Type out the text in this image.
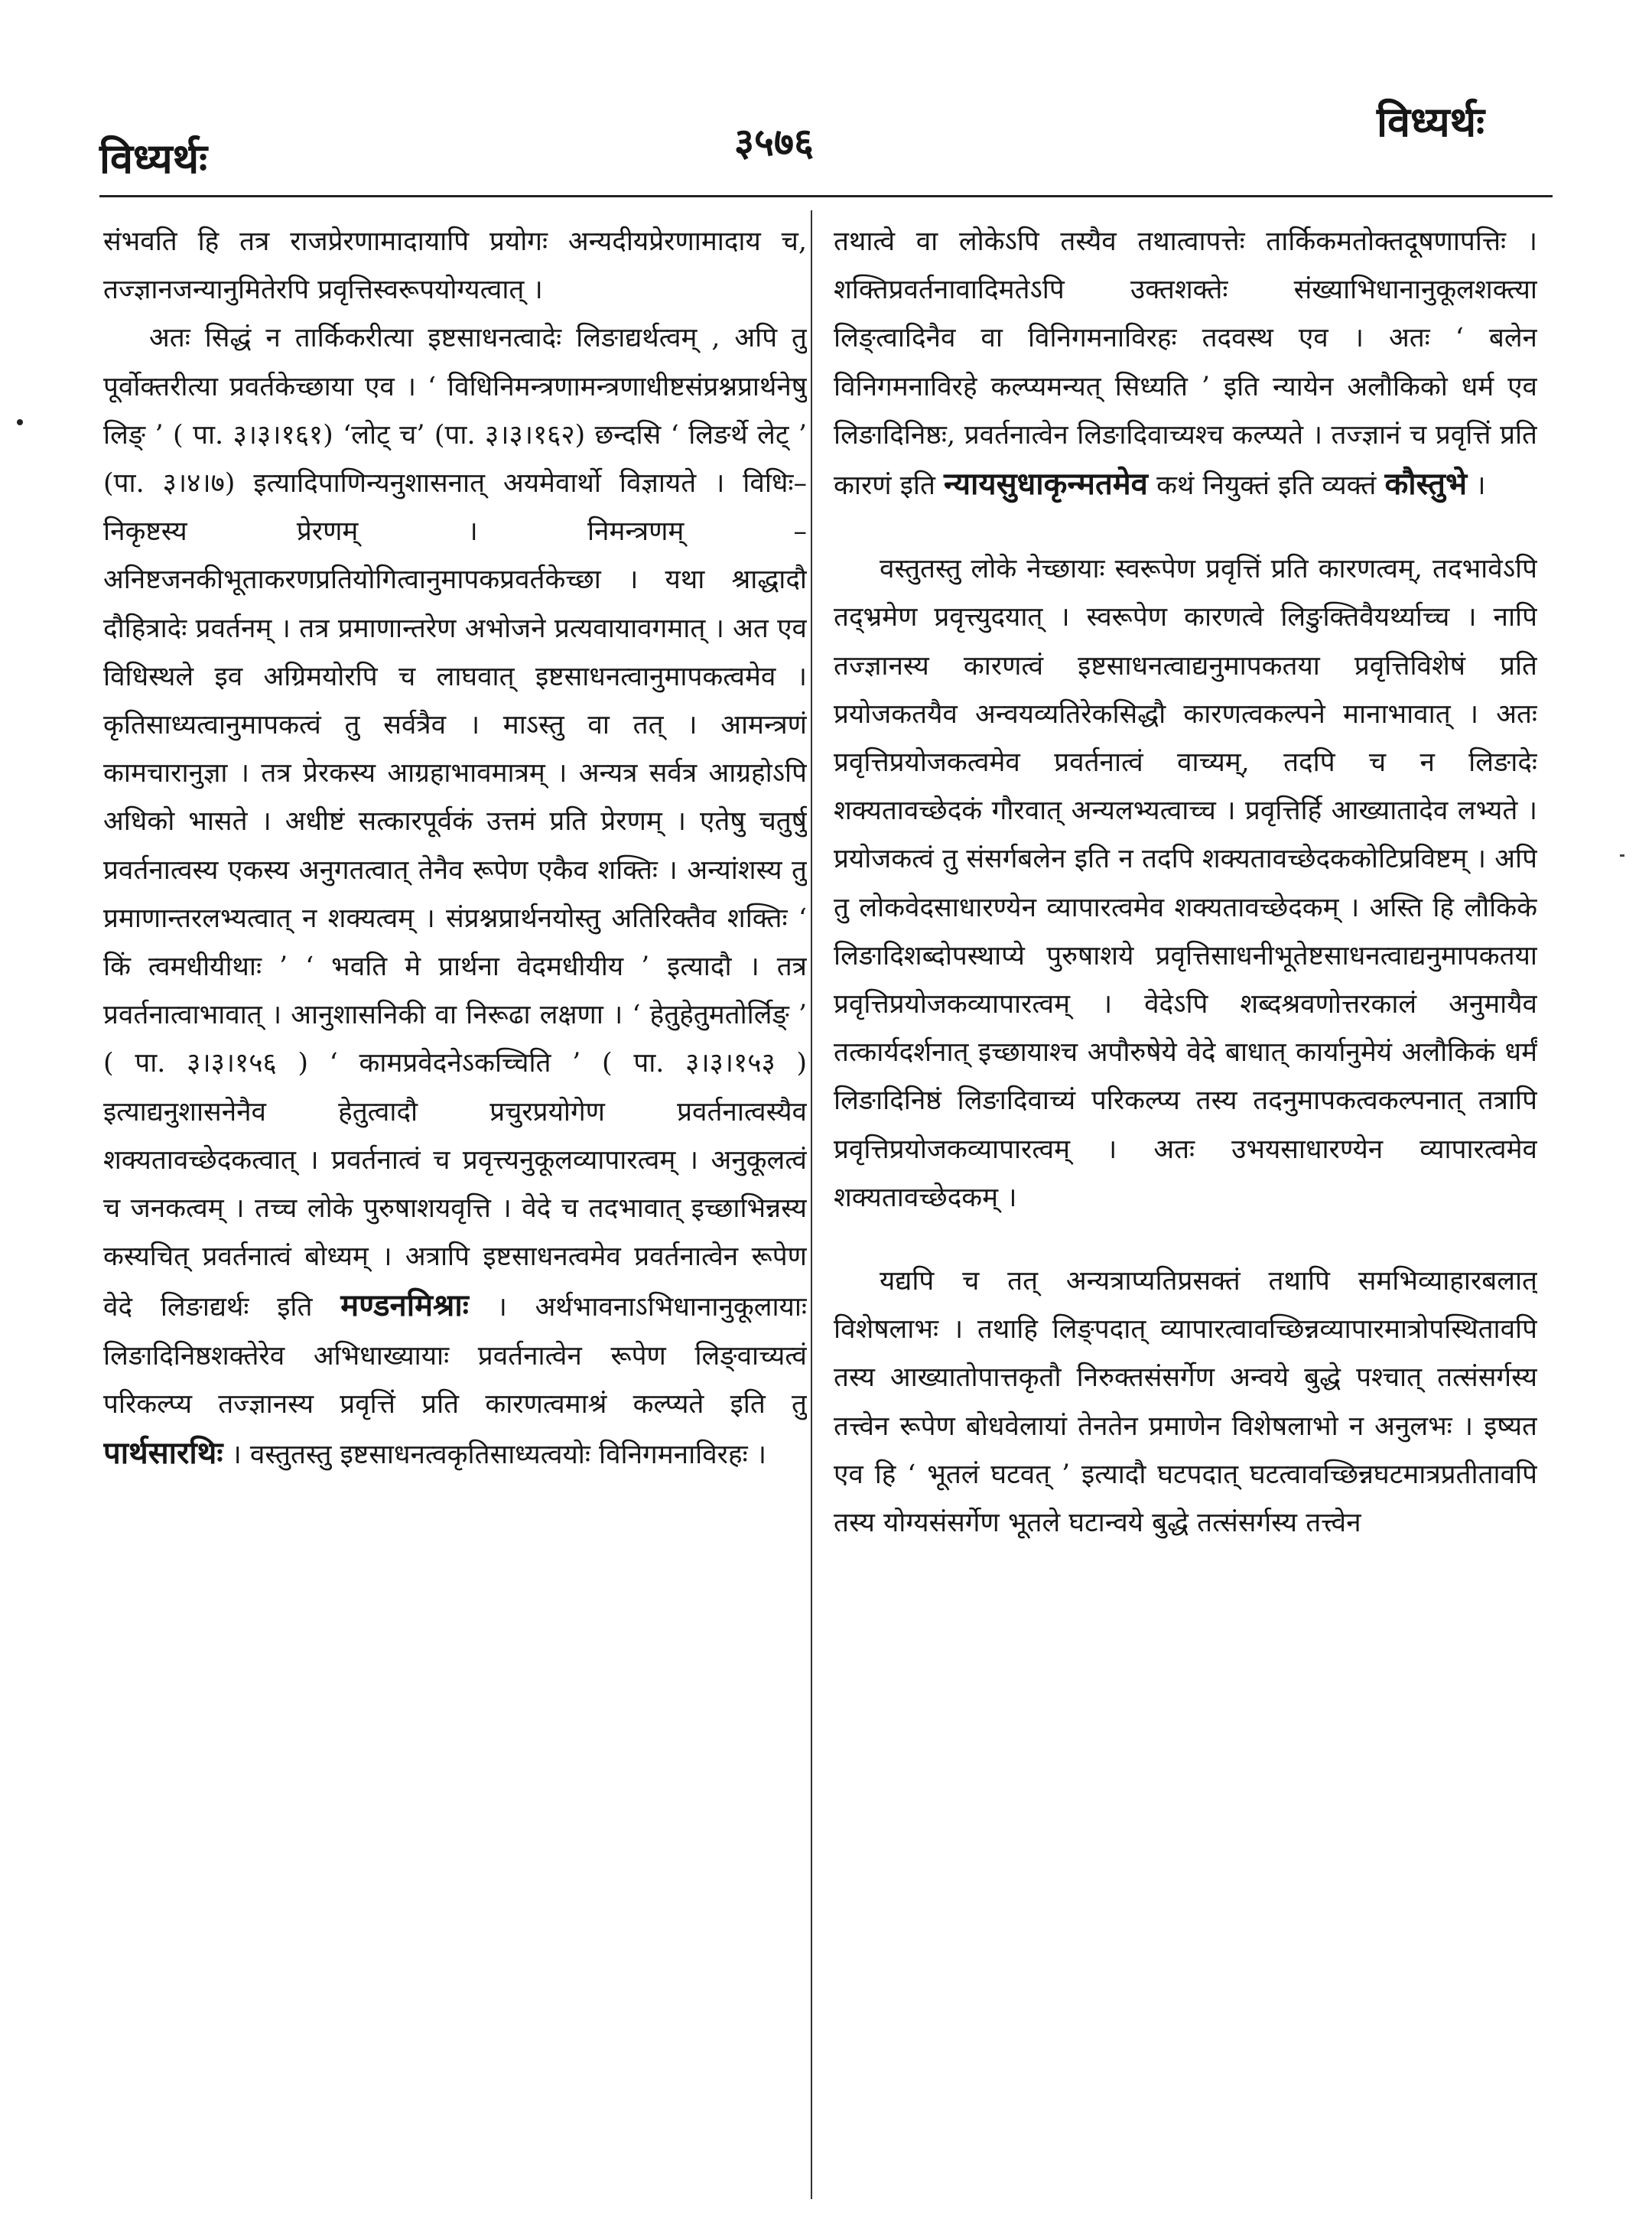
विध्यर्थः	३५७६	विध्यर्थः

संभवति हि तत्र राजप्रेरणामादायापि प्रयोगः अन्यदीयप्रेरणामादाय च, तज्ज्ञानजन्यानुमितेरपि प्रवृत्तिस्वरूपयोग्यत्वात् ।

अतः सिद्धं न तार्किकरीत्या इष्टसाधनत्वादेः लिङाद्यर्थत्वम् , अपि तु पूर्वोक्तरीत्या प्रवर्तकेच्छाया एव । ‘ विधिनिमन्त्रणामन्त्रणाधीष्टसंप्रश्नप्रार्थनेषु लिङ् ’ ( पा. ३।३।१६१) ‘लोट् च’ (पा. ३।३।१६२) छन्दसि ‘ लिङर्थे लेट् ’ (पा. ३।४।७) इत्यादिपाणिन्यनुशासनात् अयमेवार्थो विज्ञायते । विधिः– निकृष्टस्य प्रेरणम् । निमन्त्रणम् – अनिष्टजनकीभूताकरणप्रतियोगित्वानुमापकप्रवर्तकेच्छा । यथा श्राद्धादौ दौहित्रादेः प्रवर्तनम् । तत्र प्रमाणान्तरेण अभोजने प्रत्यवायावगमात् । अत एव विधिस्थले इव अग्रिमयोरपि च लाघवात् इष्टसाधनत्वानुमापकत्वमेव । कृतिसाध्यत्वानुमापकत्वं तु सर्वत्रैव । माऽस्तु वा तत् । आमन्त्रणं कामचारानुज्ञा । तत्र प्रेरकस्य आग्रहाभावमात्रम् । अन्यत्र सर्वत्र आग्रहोऽपि अधिको भासते । अधीष्टं सत्कारपूर्वकं उत्तमं प्रति प्रेरणम् । एतेषु चतुर्षु प्रवर्तनात्वस्य एकस्य अनुगतत्वात् तेनैव रूपेण एकैव शक्तिः । अन्यांशस्य तु प्रमाणान्तरलभ्यत्वात् न शक्यत्वम् । संप्रश्नप्रार्थनयोस्तु अतिरिक्तैव शक्तिः ‘ किं त्वमधीयीथाः ’ ‘ भवति मे प्रार्थना वेदमधीयीय ’ इत्यादौ । तत्र प्रवर्तनात्वाभावात् । आनुशासनिकी वा निरूढा लक्षणा । ‘ हेतुहेतुमतोर्लिङ् ’ ( पा. ३।३।१५६ ) ‘ कामप्रवेदनेऽकच्चिति ’ ( पा. ३।३।१५३ ) इत्याद्यनुशासनेनैव हेतुत्वादौ प्रचुरप्रयोगेण प्रवर्तनात्वस्यैव शक्यतावच्छेदकत्वात् । प्रवर्तनात्वं च प्रवृत्त्यनुकूलव्यापारत्वम् । अनुकूलत्वं च जनकत्वम् । तच्च लोके पुरुषाशयवृत्ति । वेदे च तदभावात् इच्छाभिन्नस्य कस्यचित् प्रवर्तनात्वं बोध्यम् । अत्रापि इष्टसाधनत्वमेव प्रवर्तनात्वेन रूपेण वेदे लिङाद्यर्थः इति मण्डनमिश्राः । अर्थभावनाऽभिधानानुकूलायाः लिङादिनिष्ठशक्तेरेव अभिधाख्यायाः प्रवर्तनात्वेन रूपेण लिङ्वाच्यत्वं परिकल्प्य तज्ज्ञानस्य प्रवृत्तिं प्रति कारणत्वमाश्रं कल्प्यते इति तु पार्थसारथिः । वस्तुतस्तु इष्टसाधनत्वकृतिसाध्यत्वयोः विनिगमनाविरहः ।

तथात्वे वा लोकेऽपि तस्यैव तथात्वापत्तेः तार्किकमतोक्तदूषणापत्तिः । शक्तिप्रवर्तनावादिमतेऽपि उक्तशक्तेः संख्याभिधानानुकूलशक्त्या लिङ्त्वादिनैव वा विनिगमनाविरहः तदवस्थ एव । अतः ‘ बलेन विनिगमनाविरहे कल्प्यमन्यत् सिध्यति ’ इति न्यायेन अलौकिको धर्म एव लिङादिनिष्ठः, प्रवर्तनात्वेन लिङादिवाच्यश्च कल्प्यते । तज्ज्ञानं च प्रवृत्तिं प्रति कारणं इति न्यायसुधाकृन्मतमेव कथं नियुक्तं इति व्यक्तं कौस्तुभे ।

वस्तुतस्तु लोके नेच्छायाः स्वरूपेण प्रवृत्तिं प्रति कारणत्वम्, तदभावेऽपि तद्भ्रमेण प्रवृत्त्युदयात् । स्वरूपेण कारणत्वे लिङुक्तिवैयर्थ्याच्च । नापि तज्ज्ञानस्य कारणत्वं इष्टसाधनत्वाद्यनुमापकतया प्रवृत्तिविशेषं प्रति प्रयोजकतयैव अन्वयव्यतिरेकसिद्धौ कारणत्वकल्पने मानाभावात् । अतः प्रवृत्तिप्रयोजकत्वमेव प्रवर्तनात्वं वाच्यम्, तदपि च न लिङादेः शक्यतावच्छेदकं गौरवात् अन्यलभ्यत्वाच्च । प्रवृत्तिर्हि आख्यातादेव लभ्यते । प्रयोजकत्वं तु संसर्गबलेन इति न तदपि शक्यतावच्छेदककोटिप्रविष्टम् । अपि तु लोकवेदसाधारण्येन व्यापारत्वमेव शक्यतावच्छेदकम् । अस्ति हि लौकिके लिङादिशब्दोपस्थाप्ये पुरुषाशये प्रवृत्तिसाधनीभूतेष्टसाधनत्वाद्यनुमापकतया प्रवृत्तिप्रयोजकव्यापारत्वम् । वेदेऽपि शब्दश्रवणोत्तरकालं अनुमायैव तत्कार्यदर्शनात् इच्छायाश्च अपौरुषेये वेदे बाधात् कार्यानुमेयं अलौकिकं धर्मं लिङादिनिष्ठं लिङादिवाच्यं परिकल्प्य तस्य तदनुमापकत्वकल्पनात् तत्रापि प्रवृत्तिप्रयोजकव्यापारत्वम् । अतः उभयसाधारण्येन व्यापारत्वमेव शक्यतावच्छेदकम् ।

यद्यपि च तत् अन्यत्राप्यतिप्रसक्तं तथापि समभिव्याहारबलात् विशेषलाभः । तथाहि लिङ्पदात् व्यापारत्वावच्छिन्नव्यापारमात्रोपस्थितावपि तस्य आख्यातोपात्तकृतौ निरुक्तसंसर्गेण अन्वये बुद्धे पश्चात् तत्संसर्गस्य तत्त्वेन रूपेण बोधवेलायां तेनतेन प्रमाणेन विशेषलाभो न अनुलभः । इष्यत एव हि ‘ भूतलं घटवत् ’ इत्यादौ घटपदात् घटत्वावच्छिन्नघटमात्रप्रतीतावपि तस्य योग्यसंसर्गेण भूतले घटान्वये बुद्धे तत्संसर्गस्य तत्त्वेन
